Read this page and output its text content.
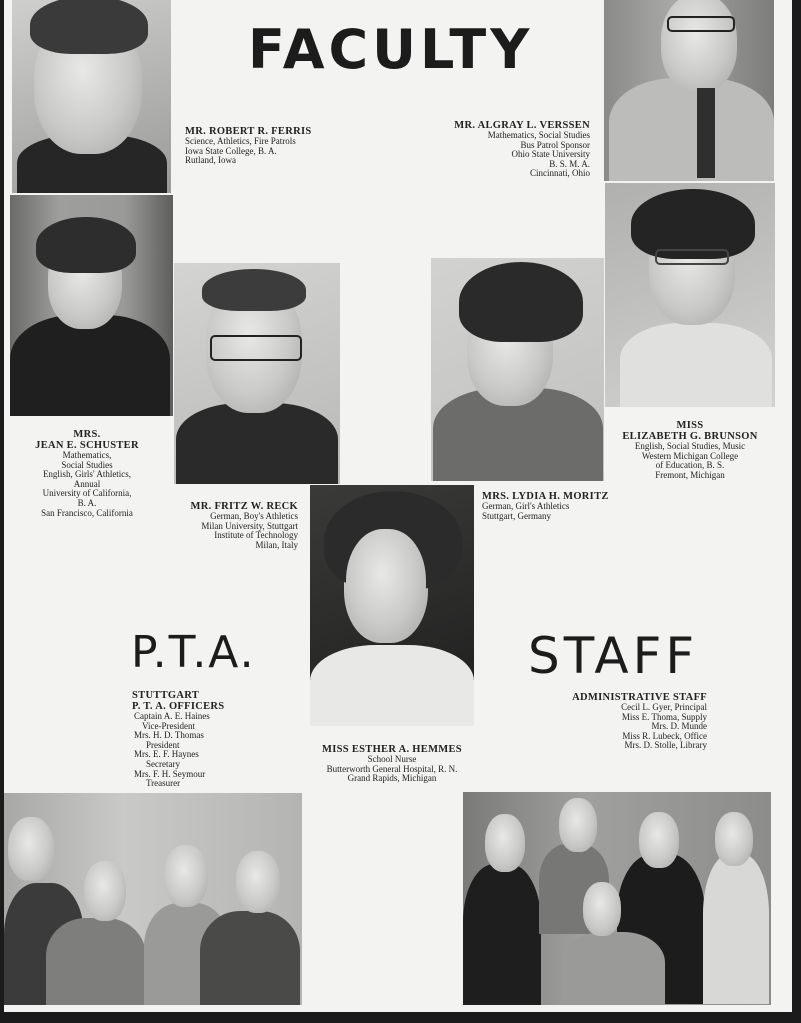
FACULTY
P.T.A.	STAFF
MR. ROBERT R. FERRIS
Science, Athletics, Fire Patrols
Iowa State College, B. A.
Rutland, Iowa
MR. ALGRAY L. VERSSEN
Mathematics, Social Studies
Bus Patrol Sponsor
Ohio State University
B. S. M. A.
Cincinnati, Ohio
MRS.
JEAN E. SCHUSTER
Mathematics,
Social Studies
English, Girls' Athletics,
Annual
University of California,
B. A.
San Francisco, California
MISS
ELIZABETH G. BRUNSON
English, Social Studies, Music
Western Michigan College
of Education, B. S.
Fremont, Michigan
MR. FRITZ W. RECK
German, Boy's Athletics
Milan University, Stuttgart
Institute of Technology
Milan, Italy
MRS. LYDIA H. MORITZ
German, Girl's Athletics
Stuttgart, Germany
MISS ESTHER A. HEMMES
School Nurse
Butterworth General Hospital, R. N.
Grand Rapids, Michigan
STUTTGART
P. T. A. OFFICERS
Captain A. E. Haines
Vice-President
Mrs. H. D. Thomas
President
Mrs. E. F. Haynes
Secretary
Mrs. F. H. Seymour
Treasurer
ADMINISTRATIVE STAFF
Cecil L. Gyer, Principal
Miss E. Thoma, Supply
Mrs. D. Munde
Miss R. Lubeck, Office
Mrs. D. Stolle, Library
